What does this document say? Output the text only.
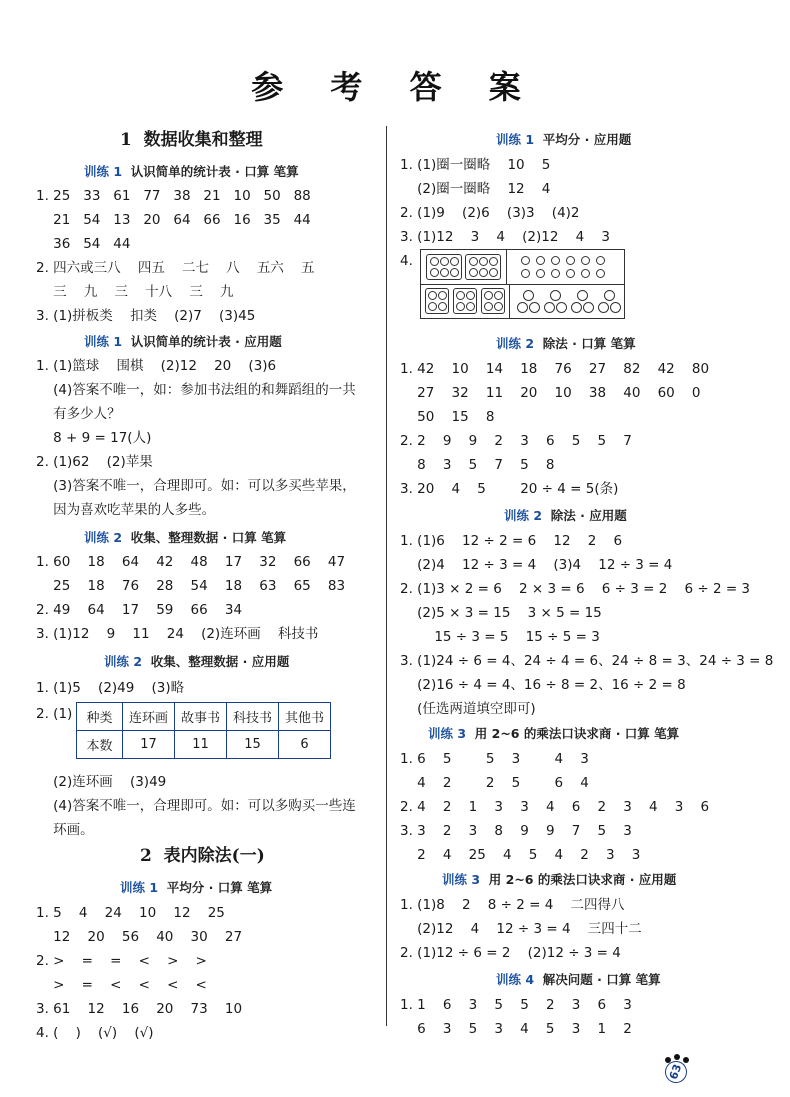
参 考 答 案
1  数据收集和整理
训练 1  认识简单的统计表 · 口算 笔算
1. 25   33   61   77   38   21   10   50   88
21   54   13   20   64   66   16   35   44
36   54   44
2. 四六或三八    四五    二七    八    五六    五
三    九    三    十八    三    九
3. (1)拼板类    扣类    (2)7    (3)45
训练 1  认识简单的统计表 · 应用题
1. (1)篮球    围棋    (2)12    20    (3)6
(4)答案不唯一，如：参加书法组的和舞蹈组的一共
有多少人？
8 + 9 = 17(人)
2. (1)62    (2)苹果
(3)答案不唯一，合理即可。如：可以多买些苹果，
因为喜欢吃苹果的人多些。
训练 2  收集、整理数据 · 口算 笔算
1. 60    18    64    42    48    17    32    66    47
25    18    76    28    54    18    63    65    83
2. 49    64    17    59    66    34
3. (1)12    9    11    24    (2)连环画    科技书
训练 2  收集、整理数据 · 应用题
1. (1)5    (2)49    (3)略
2. (1) 种类	连环画	故事书	科技书	其他书
本数	17	11	15	6
(2)连环画    (3)49
(4)答案不唯一，合理即可。如：可以多购买一些连
环画。
2  表内除法(一)
训练 1  平均分 · 口算 笔算
1. 5    4    24    10    12    25
12    20    56    40    30    27
2. >    =    =    <    >    >
>    =    <    <    <    <
3. 61    12    16    20    73    10
4. (    )    (√)    (√)
训练 1  平均分 · 应用题
1. (1)圈一圈略    10    5
(2)圈一圈略    12    4
2. (1)9    (2)6    (3)3    (4)2
3. (1)12    3    4    (2)12    4    3
4.
训练 2  除法 · 口算 笔算
1. 42    10    14    18    76    27    82    42    80
27    32    11    20    10    38    40    60    0
50    15    8
2. 2    9    9    2    3    6    5    5    7
8    3    5    7    5    8
3. 20    4    5        20 ÷ 4 = 5(条)
训练 2  除法 · 应用题
1. (1)6    12 ÷ 2 = 6    12    2    6
(2)4    12 ÷ 3 = 4    (3)4    12 ÷ 3 = 4
2. (1)3 × 2 = 6    2 × 3 = 6    6 ÷ 3 = 2    6 ÷ 2 = 3
(2)5 × 3 = 15    3 × 5 = 15
15 ÷ 3 = 5    15 ÷ 5 = 3
3. (1)24 ÷ 6 = 4、24 ÷ 4 = 6、24 ÷ 8 = 3、24 ÷ 3 = 8
(2)16 ÷ 4 = 4、16 ÷ 8 = 2、16 ÷ 2 = 8
(任选两道填空即可)
训练 3  用 2~6 的乘法口诀求商 · 口算 笔算
1. 6    5        5    3        4    3
4    2        2    5        6    4
2. 4    2    1    3    3    4    6    2    3    4    3    6
3. 3    2    3    8    9    9    7    5    3
2    4    25    4    5    4    2    3    3
训练 3  用 2~6 的乘法口诀求商 · 应用题
1. (1)8    2    8 ÷ 2 = 4    二四得八
(2)12    4    12 ÷ 3 = 4    三四十二
2. (1)12 ÷ 6 = 2    (2)12 ÷ 3 = 4
训练 4  解决问题 · 口算 笔算
1. 1    6    3    5    5    2    3    6    3
6    3    5    3    4    5    3    1    2
63
